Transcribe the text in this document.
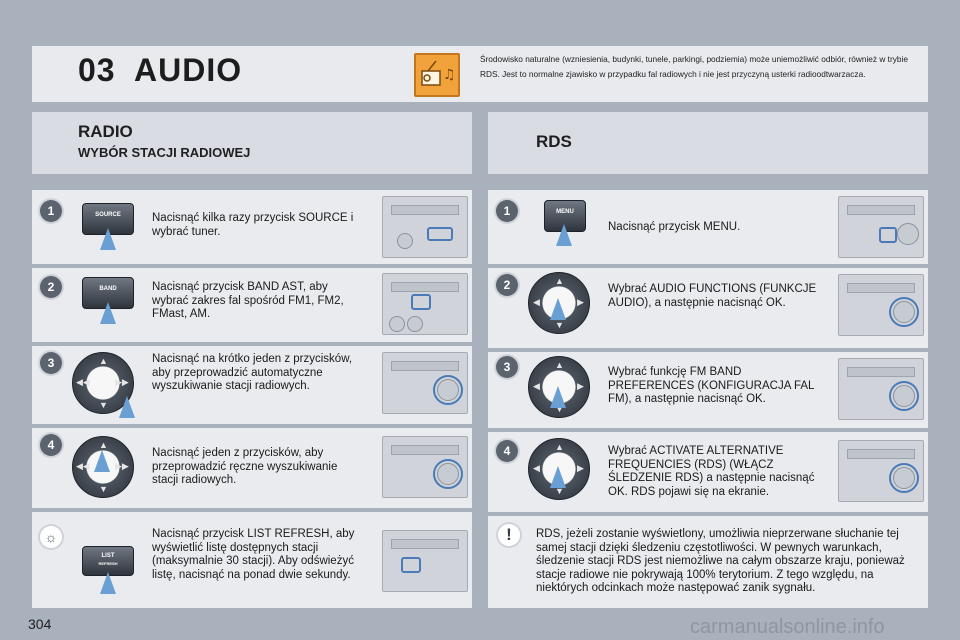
03 AUDIO	♫
Środowisko naturalne (wzniesienia, budynki, tunele, parkingi, podziemia) może uniemożliwić odbiór, również w trybie RDS. Jest to normalne zjawisko w przypadku fal radiowych i nie jest przyczyną usterki radioodtwarzacza.
RADIO
WYBÓR STACJI RADIOWEJ
RDS
1	SOURCE	Nacisnąć kilka razy przycisk SOURCE i wybrać tuner.
2	BAND	Nacisnąć przycisk BAND AST, aby wybrać zakres fal spośród FM1, FM2, FMast, AM.
3	▲
▼
◀◀	▶▶
Nacisnąć na krótko jeden z przycisków, aby przeprowadzić automatyczne wyszukiwanie stacji radiowych.
4	▲
▼
◀◀	▶▶
Nacisnąć jeden z przycisków, aby przeprowadzić ręczne wyszukiwanie stacji radiowych.
☼
LIST
REFRESH
Nacisnąć przycisk LIST REFRESH, aby wyświetlić listę dostępnych stacji (maksymalnie 30 stacji). Aby odświeżyć listę, nacisnąć na ponad dwie sekundy.
1	MENU
Nacisnąć przycisk MENU.
2	▲
▼
◀	▶
Wybrać AUDIO FUNCTIONS (FUNKCJE AUDIO), a następnie nacisnąć OK.
3	▲
▼
◀	▶
Wybrać funkcję FM BAND PREFERENCES (KONFIGURACJA FAL FM), a następnie nacisnąć OK.
4	▲
▼
◀	▶
Wybrać ACTIVATE ALTERNATIVE FREQUENCIES (RDS) (WŁĄCZ ŚLEDZENIE RDS) a następnie nacisnąć OK. RDS pojawi się na ekranie.
!	RDS, jeżeli zostanie wyświetlony, umożliwia nieprzerwane słuchanie tej samej stacji dzięki śledzeniu częstotliwości. W pewnych warunkach, śledzenie stacji RDS jest niemożliwe na całym obszarze kraju, ponieważ stacje radiowe nie pokrywają 100% terytorium. Z tego względu, na niektórych odcinkach może następować zanik sygnału.
304	carmanualsonline.info
